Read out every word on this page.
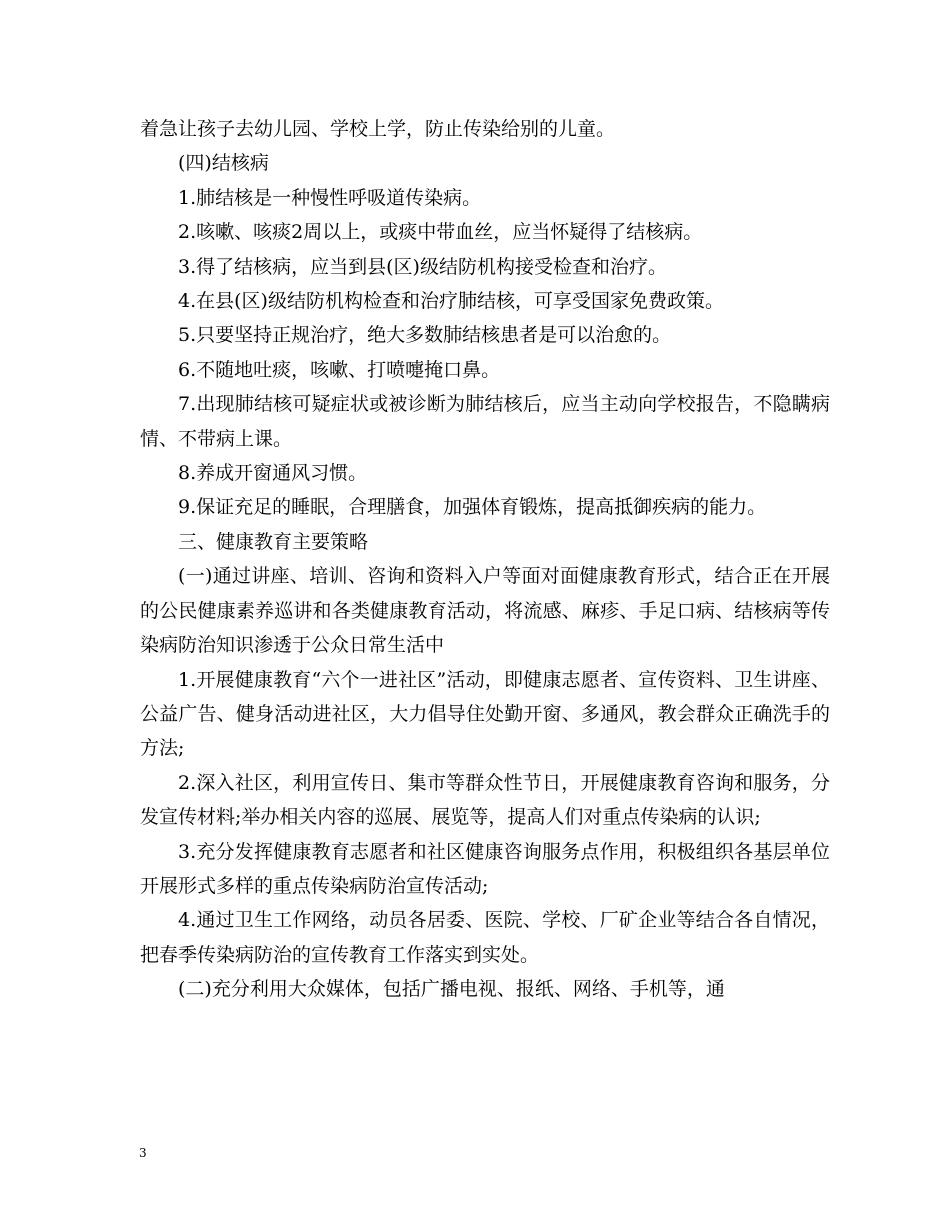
着急让孩子去幼儿园、学校上学，防止传染给别的儿童。

(四)结核病

1.肺结核是一种慢性呼吸道传染病。

2.咳嗽、咳痰2周以上，或痰中带血丝，应当怀疑得了结核病。

3.得了结核病，应当到县(区)级结防机构接受检查和治疗。

4.在县(区)级结防机构检查和治疗肺结核，可享受国家免费政策。

5.只要坚持正规治疗，绝大多数肺结核患者是可以治愈的。

6.不随地吐痰，咳嗽、打喷嚏掩口鼻。

7.出现肺结核可疑症状或被诊断为肺结核后，应当主动向学校报告，不隐瞒病情、不带病上课。

8.养成开窗通风习惯。

9.保证充足的睡眠，合理膳食，加强体育锻炼，提高抵御疾病的能力。

三、健康教育主要策略

(一)通过讲座、培训、咨询和资料入户等面对面健康教育形式，结合正在开展的公民健康素养巡讲和各类健康教育活动，将流感、麻疹、手足口病、结核病等传染病防治知识渗透于公众日常生活中

1.开展健康教育“六个一进社区”活动，即健康志愿者、宣传资料、卫生讲座、公益广告、健身活动进社区，大力倡导住处勤开窗、多通风，教会群众正确洗手的方法;

2.深入社区，利用宣传日、集市等群众性节日，开展健康教育咨询和服务，分发宣传材料;举办相关内容的巡展、展览等，提高人们对重点传染病的认识;

3.充分发挥健康教育志愿者和社区健康咨询服务点作用，积极组织各基层单位开展形式多样的重点传染病防治宣传活动;

4.通过卫生工作网络，动员各居委、医院、学校、厂矿企业等结合各自情况，把春季传染病防治的宣传教育工作落实到实处。

(二)充分利用大众媒体，包括广播电视、报纸、网络、手机等，通

3
